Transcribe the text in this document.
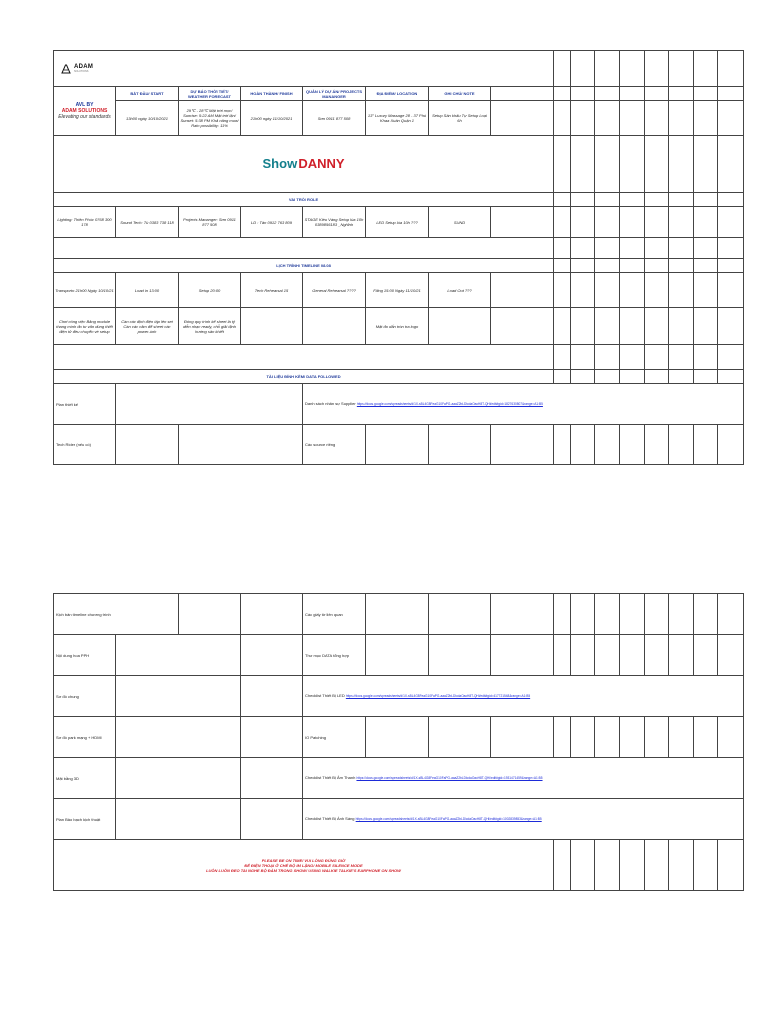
ADAM
SOLUTIONS															

AVL BY
ADAM SOLUTIONS
Elevating our standards	BẮT ĐẦU/ START	DỰ BÁO THỜI TIẾT/ WEATHER FORECAST	HOÀN THÀNH/ FINISH	QUẢN LÝ DỰ ÁN/ PROJECTS MANANGER	ĐỊA ĐIỂM/ LOCATION	GHI CHÚ/ NOTE									
	13h00 ngày 10/10/2021	29℃ - 28℃ Mặt trời mọc/ Sunrise: 5:22 AM Mặt trời lặn/ Sunset: 5:38 PM Khả năng mưa/ Rain possibility: 11%	21h00 ngày 11/10/2021	Sơn 0911 877 508	13° Luxury Massage 28 - 37 Phú Khaa Xuân Quận 1	Setup Sân khấu Tự Setup Loại 6h									
Show DANNY															
VAI TRÒ/ ROLE															
Lighting: Thiên Phúc 0768 300 178	Sound Tech: Tú 0383 738 118	Projects Mananger: Sơn 0911 877 508	LD : Tân 0912 763 809	STAGE Kiều Vàng Setup lúa 10h 0389856183 _Nghĩnh	LED Setup lúa 10h ???	SUND									

LỊCH TRÌNH/ TIMELINE 08.08															
Transporto 21h00 Ngày 10/10/21	Load in 13:00	Setup 20:00	Tech Rehearsal 15	General Rehearsal ????	Filing 15:00 Ngày 11/10/21	Load Out ???									
Chơi công việc Bảng module thang mình đo tư vấn dùng thiết điện tử đều chuyển về setup	Cần các định điện tập lên set Cần các cảm để sheet các power-ùnh	Đóng quy trình kế sheet là tỷ diễn nhạc ready, chỗ giải định hướng sân khiết			Mặt đo dắn tròn tra logo										

TÀI LIỆU ĐÍNH KÈM/ DATA FOLLOWED															
Plan thiết kế				Danh sách nhân sự Supplier https://docs.google.com/spreadsheets/d/1X-sBL4G8FeaG10FaPG-aaaZ2bLDlcdaOacH8T-QHi/edit#gid=1827630807&range=A1:B5											
Tech Rider (nếu có)				Các source riêng											
Kịch bản timeline chương trình				Các giấy tờ liên quan											
Nội dung hoa PPH				Thư mục DATA tổng hợp											
Sơ đồ chung				Checklist Thiết Bị LED https://docs.google.com/spreadsheets/d/1X-sBL4G8FeaG10FaPG-aaaZ2bLDlcdaOacH8T-QHi/edit#gid=417721548&range=A1:B5											
Sơ đồ park mạng + HDMI				IO Patching											
Mặt bằng 3D				Checklist Thiết Bị Âm Thanh https://docs.google.com/spreadsheets/d/1X-sBL4G8FeaG10FaPG-aaaZ2bLDlcdaOacH8T-QHi/edit#gid=1931471459&range=A1:B5											
Plan Bảo bạch kịch thuật				Checklist Thiết Bị Ánh Sáng https://docs.google.com/spreadsheets/d/1X-sBL4G8FeaG10FaPG-aaaZ2bLDlcdaOacH8T-QHi/edit#gid=1002839853&range=A1:B5											

PLEASE BE ON TIME/ VUI LÒNG ĐÚNG GIỜ
ĐỂ ĐIỆN THOẠI Ở CHẾ ĐỘ IM LẶNG/ MOBILE SILENCE MODE
LUÔN LUÔN ĐEO TAI NGHE BỘ ĐÀM TRONG SHOW/ USING WALKIE TALKIE'S EARPHONE ON SHOW															
